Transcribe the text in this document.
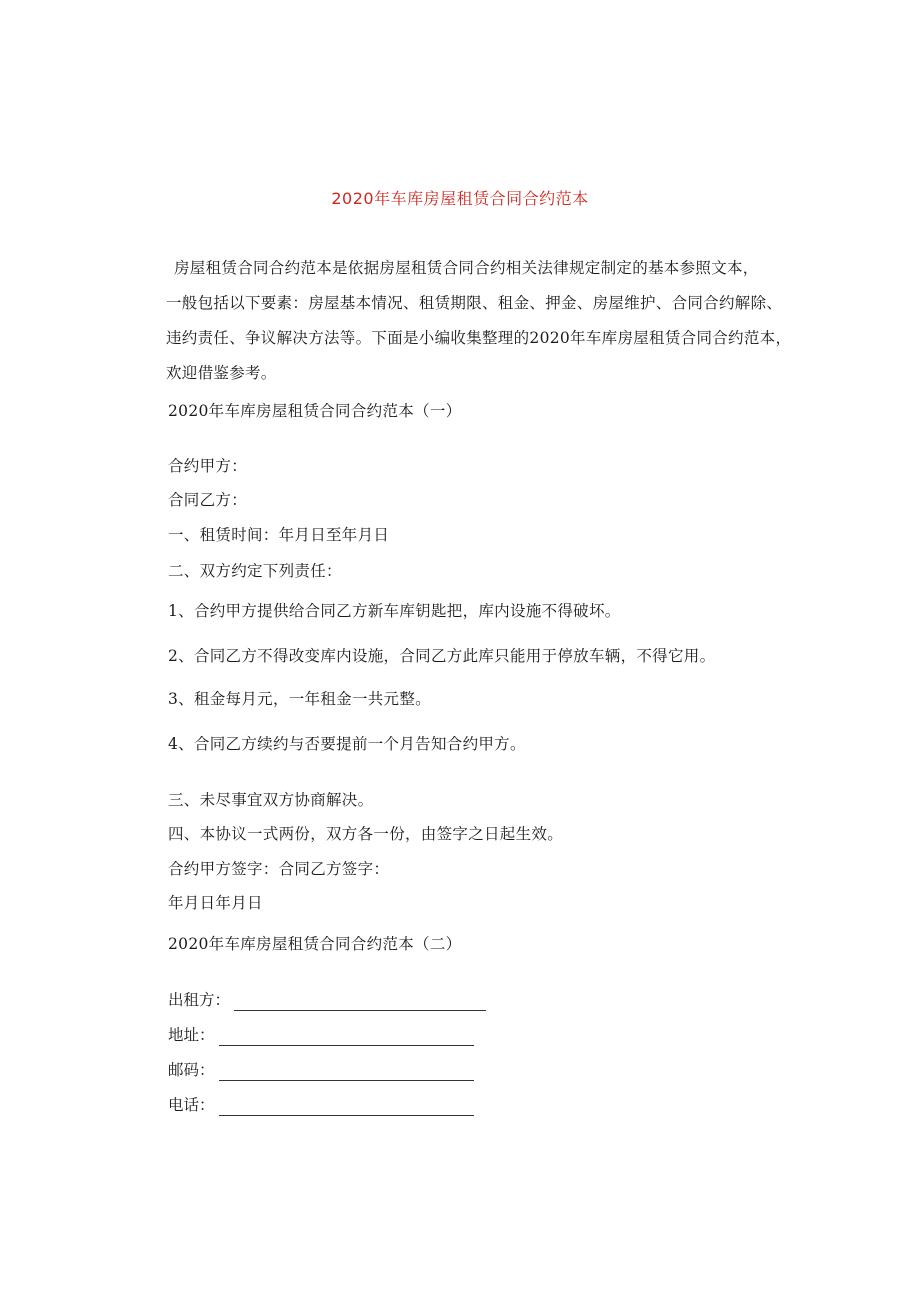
2020年车库房屋租赁合同合约范本

房屋租赁合同合约范本是依据房屋租赁合同合约相关法律规定制定的基本参照文本，

一般包括以下要素：房屋基本情况、租赁期限、租金、押金、房屋维护、合同合约解除、

违约责任、争议解决方法等。下面是小编收集整理的2020年车库房屋租赁合同合约范本，

欢迎借鉴参考。

2020年车库房屋租赁合同合约范本（一）
合约甲方：
合同乙方：
一、租赁时间：年月日至年月日
二、双方约定下列责任：
1、合约甲方提供给合同乙方新车库钥匙把，库内设施不得破坏。
2、合同乙方不得改变库内设施，合同乙方此库只能用于停放车辆，不得它用。
3、租金每月元，一年租金一共元整。
4、合同乙方续约与否要提前一个月告知合约甲方。
三、未尽事宜双方协商解决。
四、本协议一式两份，双方各一份，由签字之日起生效。
合约甲方签字：合同乙方签字：
年月日年月日
2020年车库房屋租赁合同合约范本（二）
出租方：
地址：
邮码：
电话：
